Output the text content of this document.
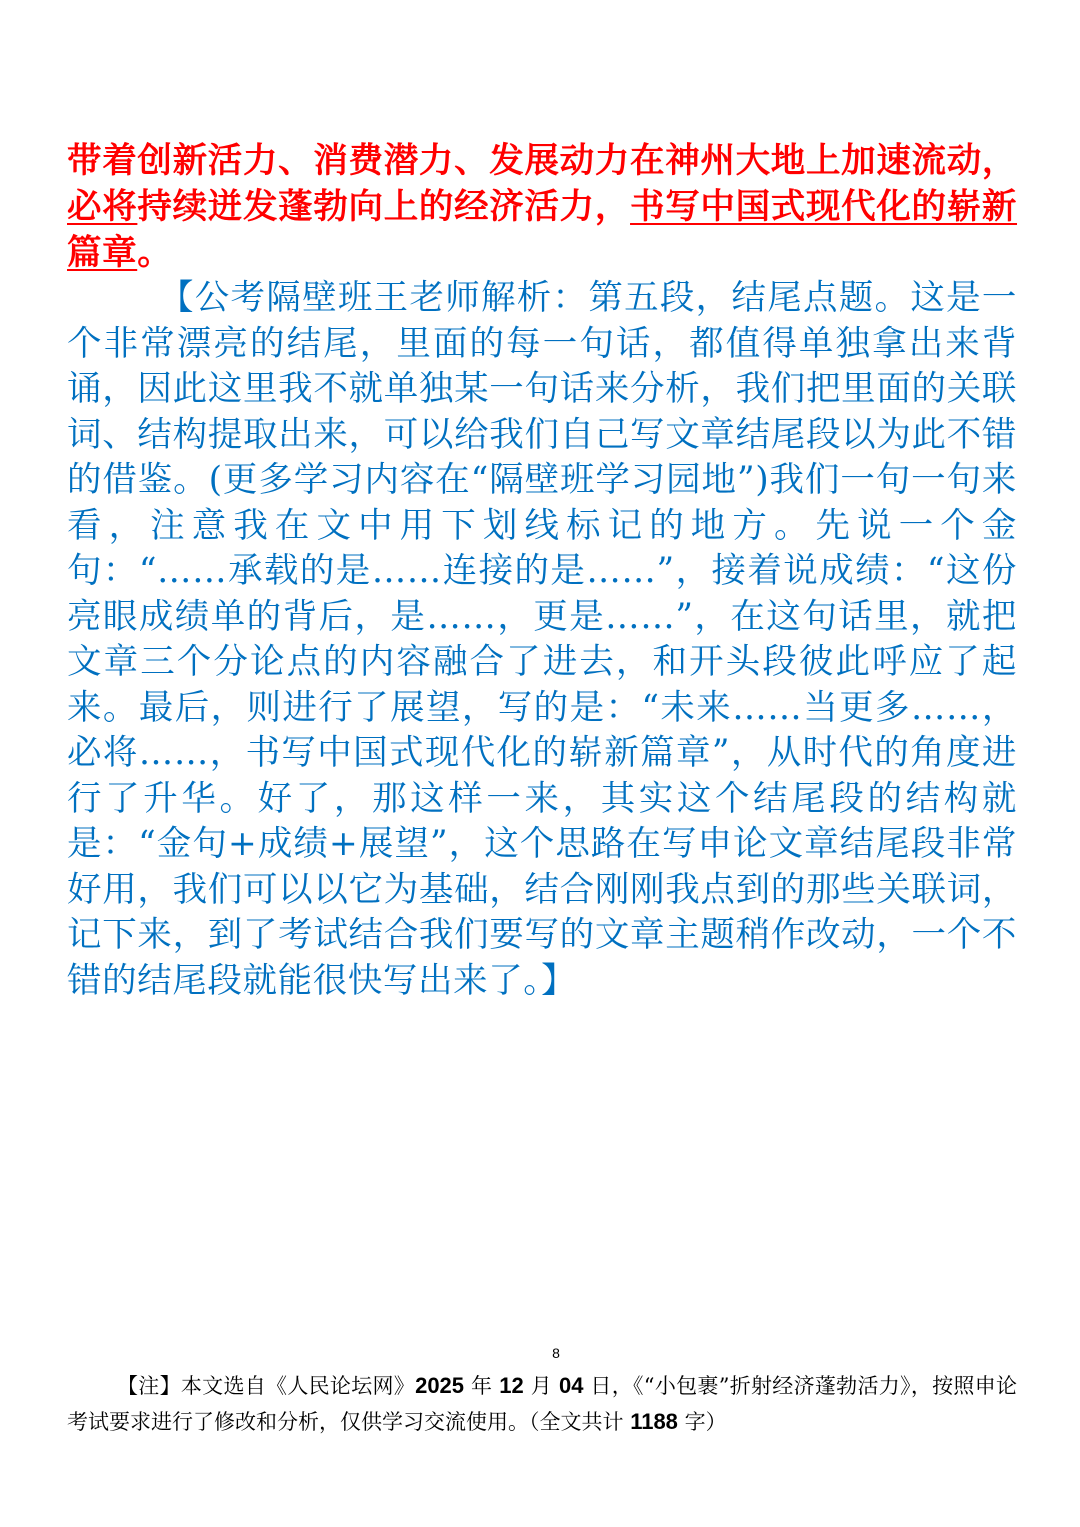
带着创新活力、消费潜力、发展动力在神州大地上加速流动，必将持续迸发蓬勃向上的经济活力，书写中国式现代化的崭新篇章。
【公考隔壁班王老师解析：第五段，结尾点题。这是一个非常漂亮的结尾，里面的每一句话，都值得单独拿出来背诵，因此这里我不就单独某一句话来分析，我们把里面的关联词、结构提取出来，可以给我们自己写文章结尾段以为此不错的借鉴。(更多学习内容在“隔壁班学习园地”)我们一句一句来看，注意我在文中用下划线标记的地方。先说一个金句：“……承载的是……连接的是……”，接着说成绩：“这份亮眼成绩单的背后，是……，更是……”，在这句话里，就把文章三个分论点的内容融合了进去，和开头段彼此呼应了起来。最后，则进行了展望，写的是：“未来……当更多……，必将……，书写中国式现代化的崭新篇章”，从时代的角度进行了升华。好了，那这样一来，其实这个结尾段的结构就是：“金句+成绩+展望”，这个思路在写申论文章结尾段非常好用，我们可以以它为基础，结合刚刚我点到的那些关联词，记下来，到了考试结合我们要写的文章主题稍作改动，一个不错的结尾段就能很快写出来了。】
8
【注】本文选自《人民论坛网》2025 年 12 月 04 日，《“小包裹”折射经济蓬勃活力》，按照申论考试要求进行了修改和分析，仅供学习交流使用。（全文共计 1188 字）
